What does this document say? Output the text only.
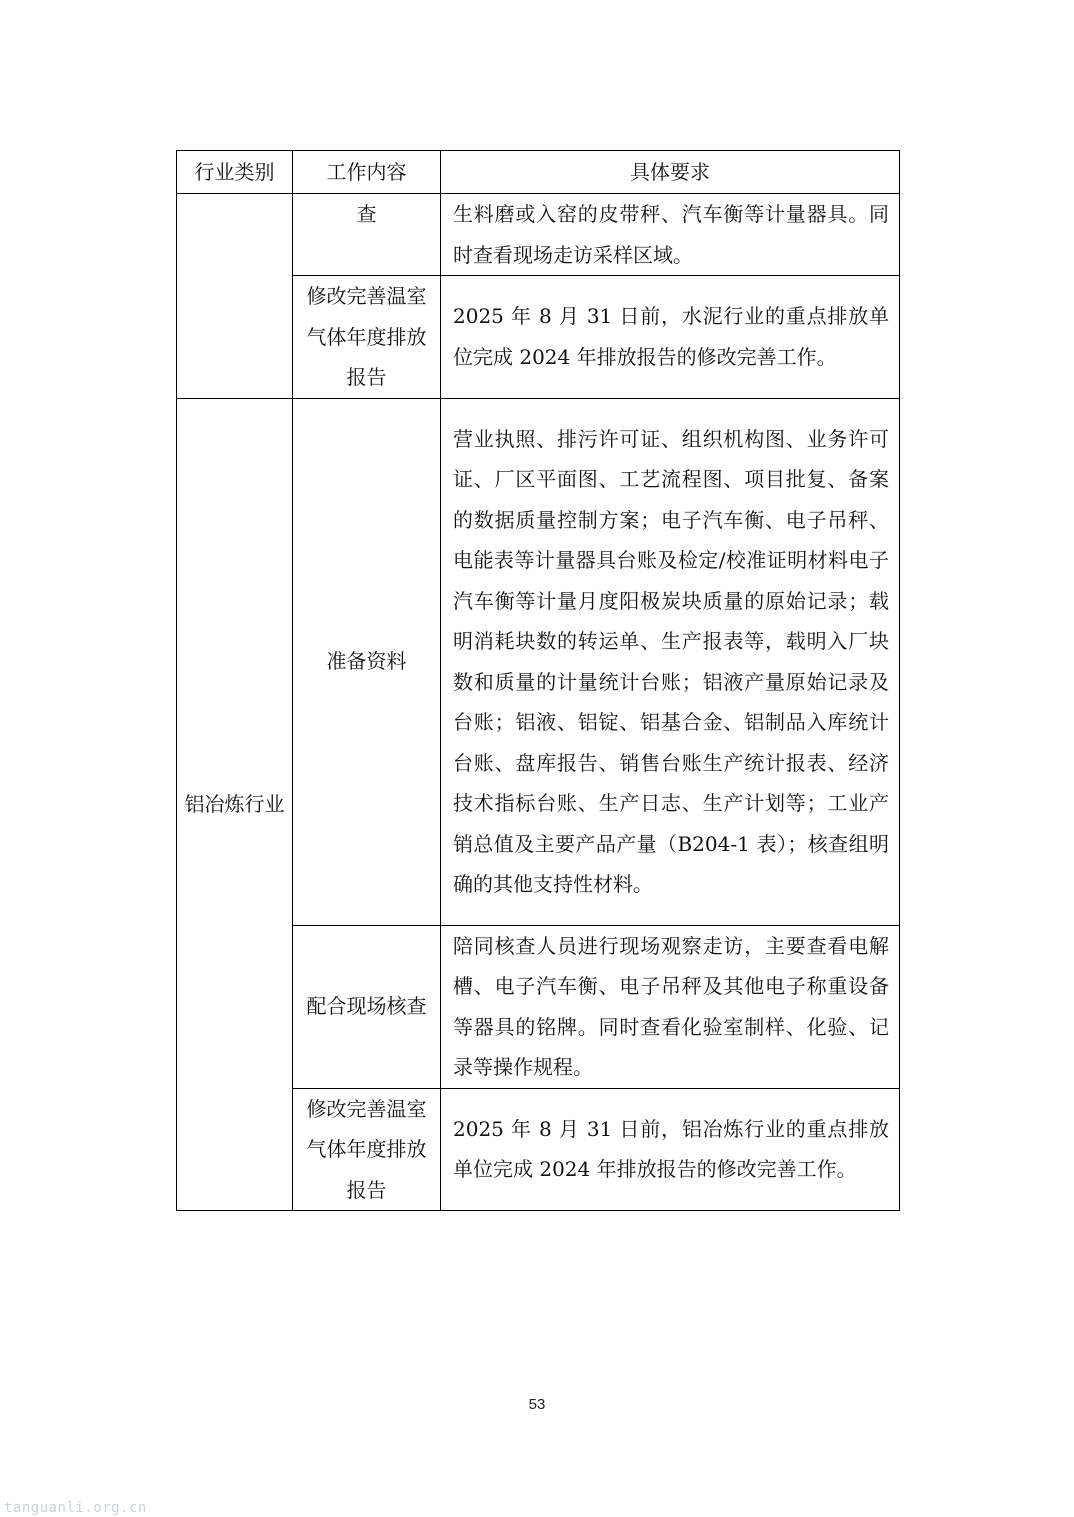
行业类别	工作内容	具体要求

	查	生料磨或入窑的皮带秤、汽车衡等计量器具。同时查看现场走访采样区域。

	修改完善温室气体年度排放报告	2025 年 8 月 31 日前，水泥行业的重点排放单位完成 2024 年排放报告的修改完善工作。

铝冶炼行业	准备资料	营业执照、排污许可证、组织机构图、业务许可证、厂区平面图、工艺流程图、项目批复、备案的数据质量控制方案；电子汽车衡、电子吊秤、电能表等计量器具台账及检定/校准证明材料电子汽车衡等计量月度阳极炭块质量的原始记录；载明消耗块数的转运单、生产报表等，载明入厂块数和质量的计量统计台账；铝液产量原始记录及台账；铝液、铝锭、铝基合金、铝制品入库统计台账、盘库报告、销售台账生产统计报表、经济技术指标台账、生产日志、生产计划等；工业产销总值及主要产品产量（B204-1 表）；核查组明确的其他支持性材料。

	配合现场核查	陪同核查人员进行现场观察走访，主要查看电解槽、电子汽车衡、电子吊秤及其他电子称重设备等器具的铭牌。同时查看化验室制样、化验、记录等操作规程。

	修改完善温室气体年度排放报告	2025 年 8 月 31 日前，铝冶炼行业的重点排放单位完成 2024 年排放报告的修改完善工作。
53
tanguanli.org.cn
